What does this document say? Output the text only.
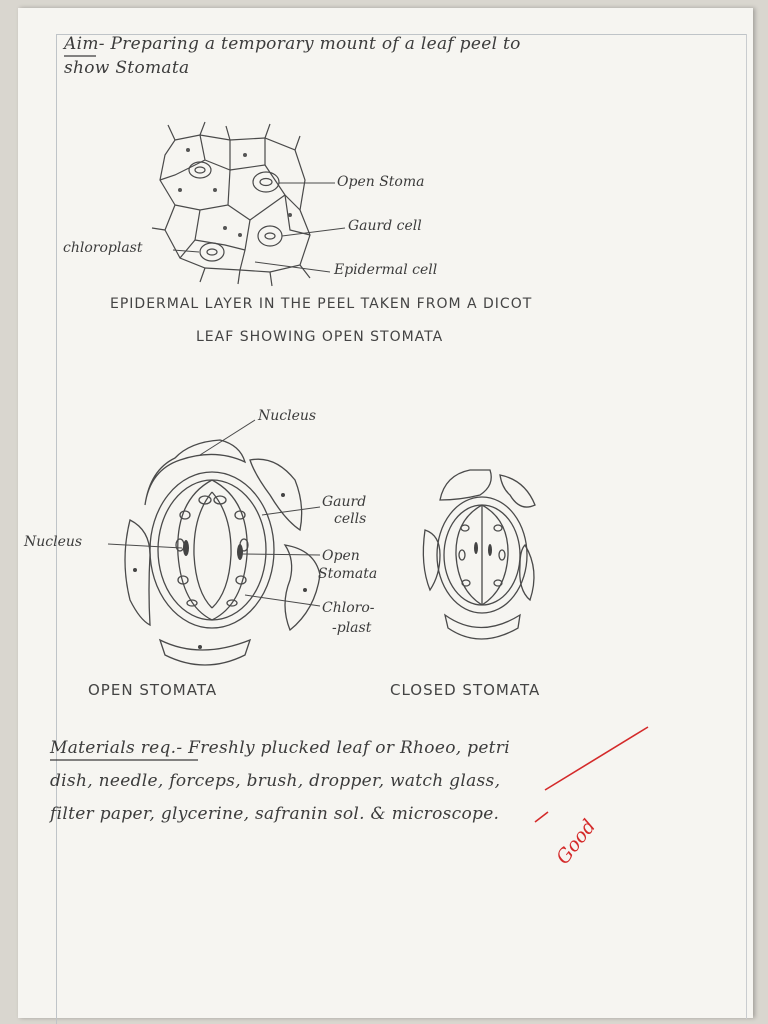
Aim- Preparing a temporary mount of a leaf peel to
show Stomata
Open Stoma
Gaurd cell
Epidermal cell
chloroplast
EPIDERMAL LAYER IN THE PEEL TAKEN FROM A DICOT
LEAF SHOWING OPEN STOMATA
Nucleus
Nucleus
Gaurd
cells
Open
Stomata
Chloro-
-plast
OPEN STOMATA	CLOSED STOMATA
Materials req.- Freshly plucked leaf or Rhoeo, petri
dish, needle, forceps, brush, dropper, watch glass,
filter paper, glycerine, safranin sol. & microscope.
Good
